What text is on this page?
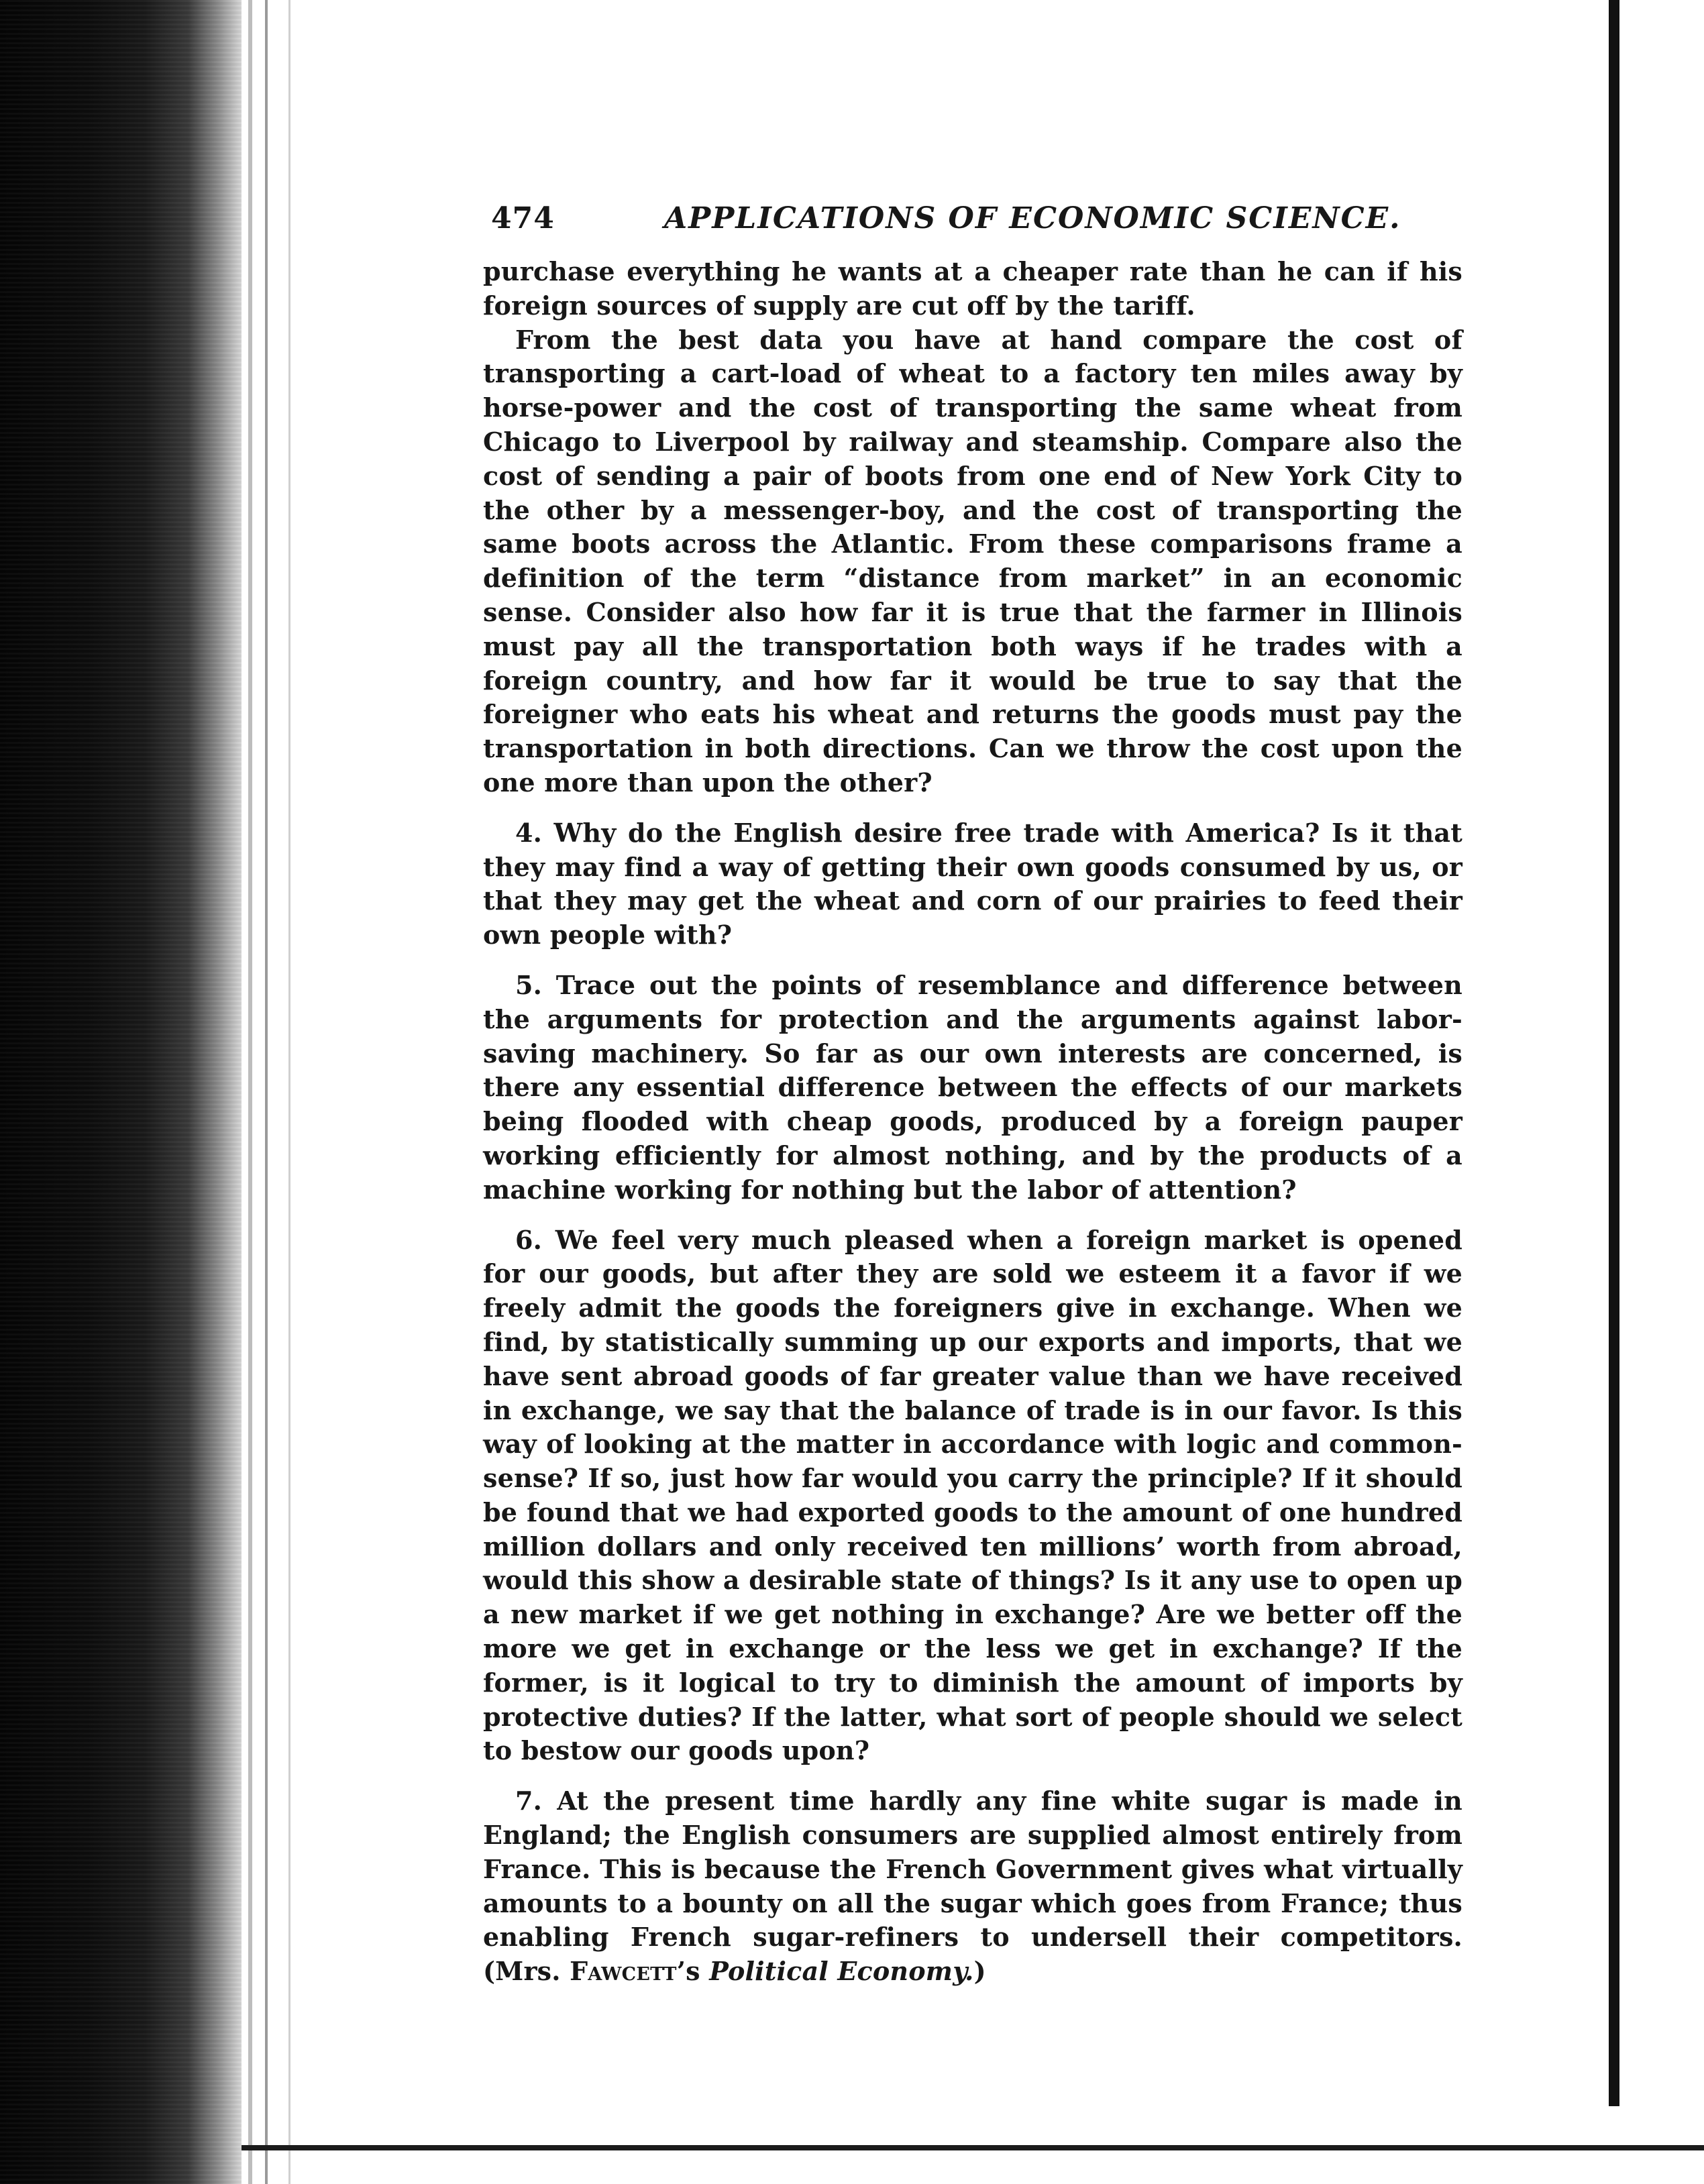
474	APPLICATIONS OF ECONOMIC SCIENCE.

purchase everything he wants at a cheaper rate than he can if his foreign sources of supply are cut off by the tariff.

From the best data you have at hand compare the cost of transporting a cart-load of wheat to a factory ten miles away by horse-power and the cost of transporting the same wheat from Chicago to Liverpool by railway and steamship. Compare also the cost of sending a pair of boots from one end of New York City to the other by a messenger-boy, and the cost of transporting the same boots across the Atlantic. From these comparisons frame a definition of the term “distance from market” in an economic sense. Consider also how far it is true that the farmer in Illinois must pay all the transportation both ways if he trades with a foreign country, and how far it would be true to say that the foreigner who eats his wheat and returns the goods must pay the transportation in both directions. Can we throw the cost upon the one more than upon the other?

4. Why do the English desire free trade with America? Is it that they may find a way of getting their own goods consumed by us, or that they may get the wheat and corn of our prairies to feed their own people with?

5. Trace out the points of resemblance and difference between the arguments for protection and the arguments against labor-saving machinery. So far as our own interests are concerned, is there any essential difference between the effects of our markets being flooded with cheap goods, produced by a foreign pauper working efficiently for almost nothing, and by the products of a machine working for nothing but the labor of attention?

6. We feel very much pleased when a foreign market is opened for our goods, but after they are sold we esteem it a favor if we freely admit the goods the foreigners give in exchange. When we find, by statistically summing up our exports and imports, that we have sent abroad goods of far greater value than we have received in exchange, we say that the balance of trade is in our favor. Is this way of looking at the matter in accordance with logic and common-sense? If so, just how far would you carry the principle? If it should be found that we had exported goods to the amount of one hundred million dollars and only received ten millions’ worth from abroad, would this show a desirable state of things? Is it any use to open up a new market if we get nothing in exchange? Are we better off the more we get in exchange or the less we get in exchange? If the former, is it logical to try to diminish the amount of imports by protective duties? If the latter, what sort of people should we select to bestow our goods upon?

7. At the present time hardly any fine white sugar is made in England; the English consumers are supplied almost entirely from France. This is because the French Government gives what virtually amounts to a bounty on all the sugar which goes from France; thus enabling French sugar-refiners to undersell their competitors. (Mrs. Fawcett’s Political Economy.)
